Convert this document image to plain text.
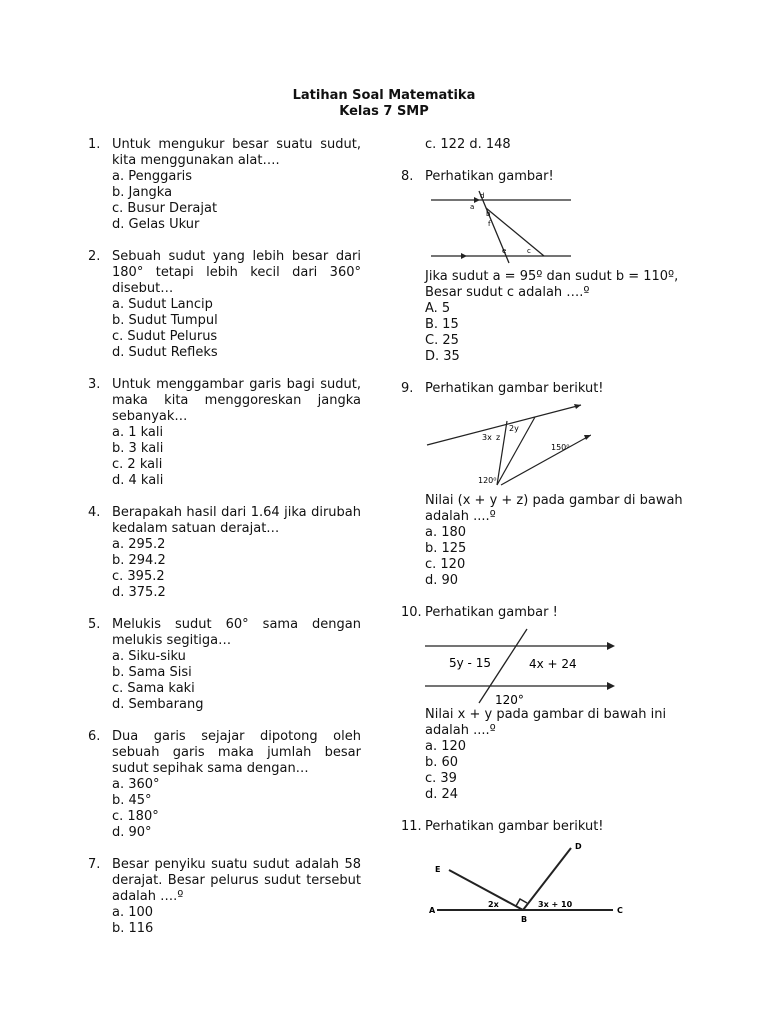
Latihan Soal Matematika
Kelas 7 SMP
1. Untuk mengukur besar suatu sudut, kita menggunakan alat….
a. Penggaris
b. Jangka
c. Busur Derajat
d. Gelas Ukur
2. Sebuah sudut yang lebih besar dari 180° tetapi lebih kecil dari 360° disebut…
a. Sudut Lancip
b. Sudut Tumpul
c. Sudut Pelurus
d. Sudut Refleks
3. Untuk menggambar garis bagi sudut, maka kita menggoreskan jangka sebanyak…
a. 1 kali
b. 3 kali
c. 2 kali
d. 4 kali
4. Berapakah hasil dari 1.64 jika dirubah kedalam satuan derajat…
a. 295.2
b. 294.2
c. 395.2
d. 375.2
5. Melukis sudut 60° sama dengan melukis segitiga…
a. Siku-siku
b. Sama Sisi
c. Sama kaki
d. Sembarang
6. Dua garis sejajar dipotong oleh sebuah garis maka jumlah besar sudut sepihak sama dengan…
a. 360°
b. 45°
c. 180°
d. 90°
7. Besar penyiku suatu sudut adalah 58 derajat. Besar pelurus sudut tersebut adalah ….º
a. 100
b. 116
c. 122 d. 148
8. Perhatikan gambar!
d
a
b
f
e	c
Jika sudut a = 95º dan sudut b = 110º, Besar sudut c adalah ….º
A. 5
B. 15
C. 25
D. 35
9. Perhatikan gambar berikut!
2y
3x z
150⁰
120⁰
Nilai (x + y + z) pada gambar di bawah adalah ....º
a. 180
b. 125
c. 120
d. 90
10. Perhatikan gambar !
5y - 15	4x + 24
120°
Nilai x + y pada gambar di bawah ini adalah ....º
a. 120
b. 60
c. 39
d. 24
11. Perhatikan gambar berikut!
E
D
A
B
C
2x	3x + 10
